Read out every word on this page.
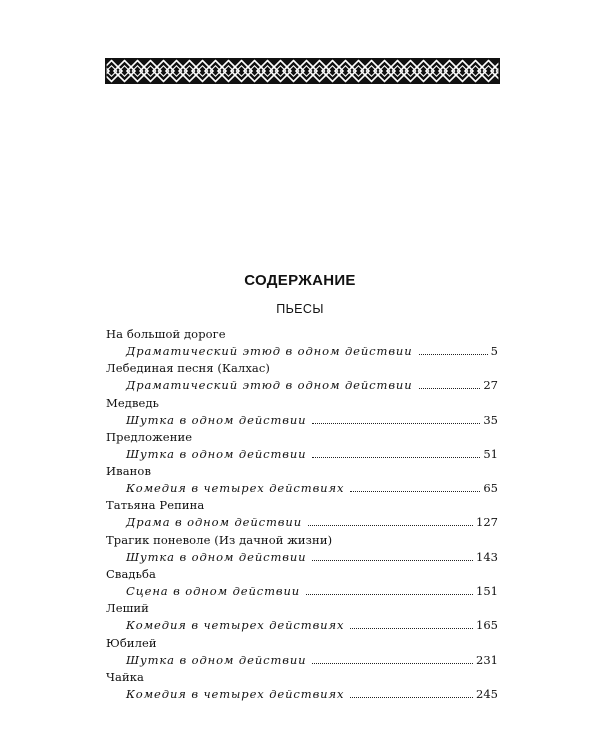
СОДЕРЖАНИЕ
ПЬЕСЫ
На большой дороге
Драматический этюд в одном действии	5
Лебединая песня (Калхас)
Драматический этюд в одном действии	27
Медведь
Шутка в одном действии	35
Предложение
Шутка в одном действии	51
Иванов
Комедия в четырех действиях	65
Татьяна Репина
Драма в одном действии	127
Трагик поневоле (Из дачной жизни)
Шутка в одном действии	143
Свадьба
Сцена в одном действии	151
Леший
Комедия в четырех действиях	165
Юбилей
Шутка в одном действии	231
Чайка
Комедия в четырех действиях	245
